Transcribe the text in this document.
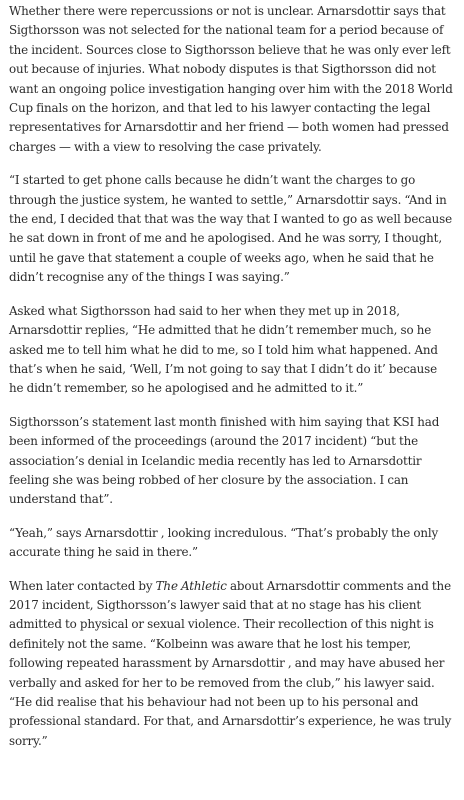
Whether there were repercussions or not is unclear. Arnarsdottir says that Sigthorsson was not selected for the national team for a period because of the incident. Sources close to Sigthorsson believe that he was only ever left out because of injuries. What nobody disputes is that Sigthorsson did not want an ongoing police investigation hanging over him with the 2018 World Cup finals on the horizon, and that led to his lawyer contacting the legal representatives for Arnarsdottir and her friend — both women had pressed charges — with a view to resolving the case privately.

“I started to get phone calls because he didn’t want the charges to go through the justice system, he wanted to settle,” Arnarsdottir says. “And in the end, I decided that that was the way that I wanted to go as well because he sat down in front of me and he apologised. And he was sorry, I thought, until he gave that statement a couple of weeks ago, when he said that he didn’t recognise any of the things I was saying.”

Asked what Sigthorsson had said to her when they met up in 2018, Arnarsdottir replies, “He admitted that he didn’t remember much, so he asked me to tell him what he did to me, so I told him what happened. And that’s when he said, ‘Well, I’m not going to say that I didn’t do it’ because he didn’t remember, so he apologised and he admitted to it.”

Sigthorsson’s statement last month finished with him saying that KSI had been informed of the proceedings (around the 2017 incident) “but the association’s denial in Icelandic media recently has led to Arnarsdottir feeling she was being robbed of her closure by the association. I can understand that”.

“Yeah,” says Arnarsdottir , looking incredulous. “That’s probably the only accurate thing he said in there.”

When later contacted by The Athletic about Arnarsdottir comments and the 2017 incident, Sigthorsson’s lawyer said that at no stage has his client admitted to physical or sexual violence. Their recollection of this night is definitely not the same. “Kolbeinn was aware that he lost his temper, following repeated harassment by Arnarsdottir , and may have abused her verbally and asked for her to be removed from the club,” his lawyer said. “He did realise that his behaviour had not been up to his personal and professional standard. For that, and Arnarsdottir’s experience, he was truly sorry.”
